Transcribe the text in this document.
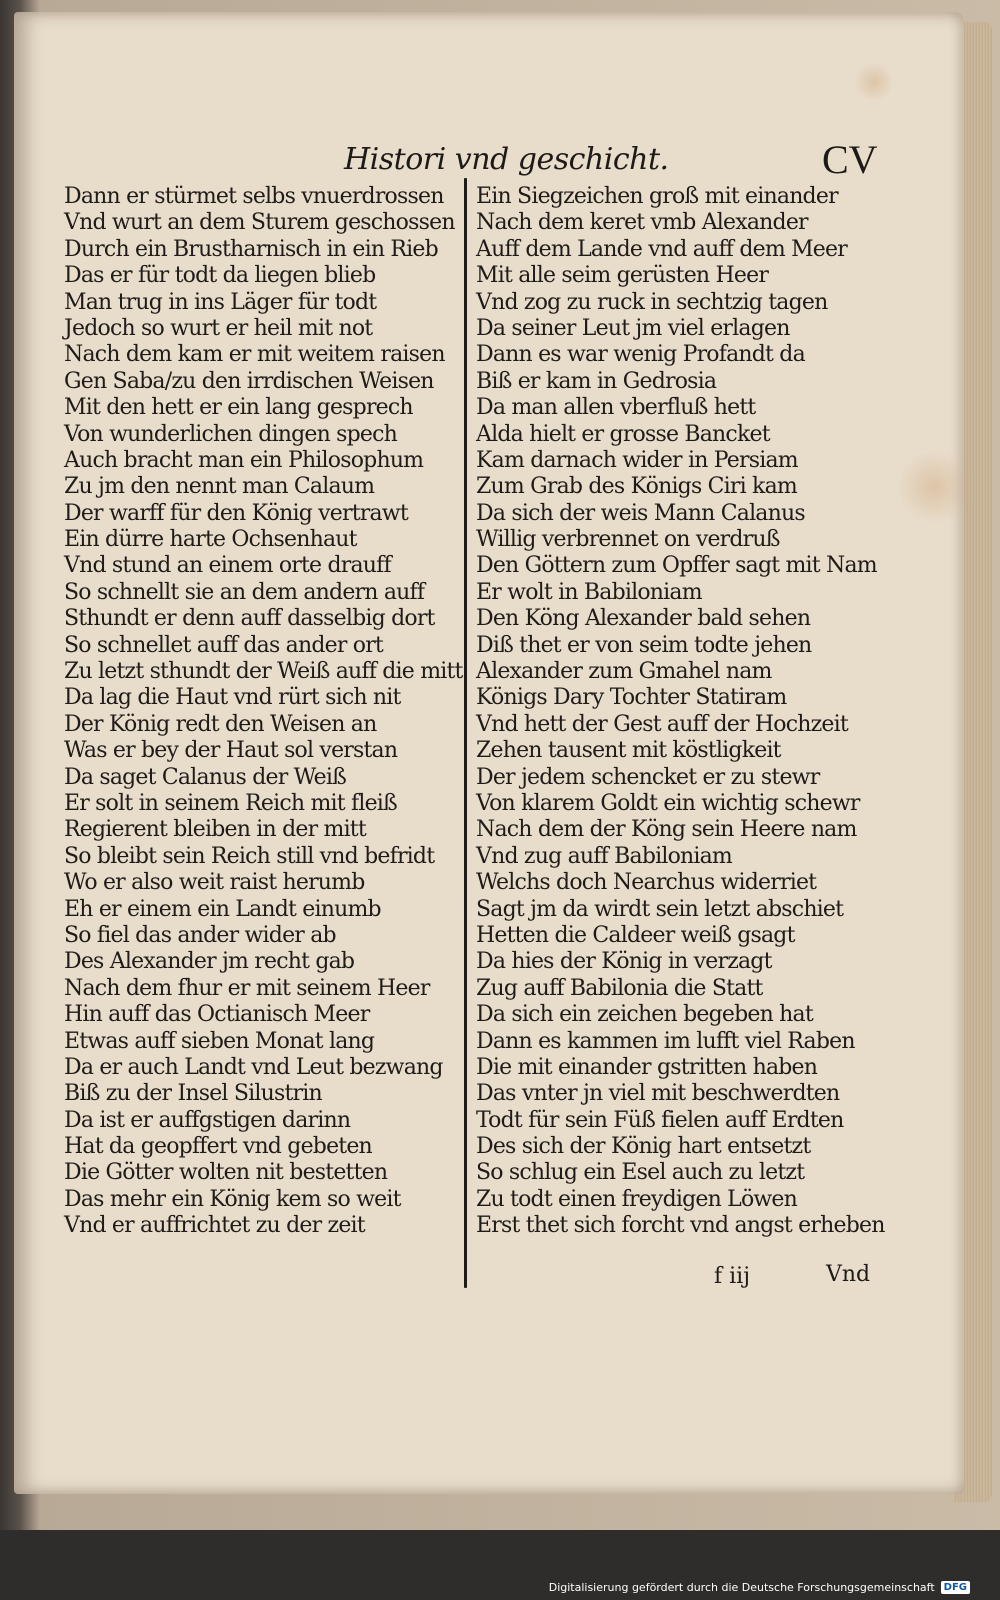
Histori vnd geschicht.	CV
Dann er stürmet selbs vnuerdrossen
Vnd wurt an dem Sturem geschossen
Durch ein Brustharnisch in ein Rieb
Das er für todt da liegen blieb
Man trug in ins Läger für todt
Jedoch so wurt er heil mit not
Nach dem kam er mit weitem raisen
Gen Saba/zu den irrdischen Weisen
Mit den hett er ein lang gesprech
Von wunderlichen dingen spech
Auch bracht man ein Philosophum
Zu jm den nennt man Calaum
Der warff für den König vertrawt
Ein dürre harte Ochsenhaut
Vnd stund an einem orte drauff
So schnellt sie an dem andern auff
Sthundt er denn auff dasselbig dort
So schnellet auff das ander ort
Zu letzt sthundt der Weiß auff die mitt
Da lag die Haut vnd rürt sich nit
Der König redt den Weisen an
Was er bey der Haut sol verstan
Da saget Calanus der Weiß
Er solt in seinem Reich mit fleiß
Regierent bleiben in der mitt
So bleibt sein Reich still vnd befridt
Wo er also weit raist herumb
Eh er einem ein Landt einumb
So fiel das ander wider ab
Des Alexander jm recht gab
Nach dem fhur er mit seinem Heer
Hin auff das Octianisch Meer
Etwas auff sieben Monat lang
Da er auch Landt vnd Leut bezwang
Biß zu der Insel Silustrin
Da ist er auffgstigen darinn
Hat da geopffert vnd gebeten
Die Götter wolten nit bestetten
Das mehr ein König kem so weit
Vnd er auffrichtet zu der zeit
Ein Siegzeichen groß mit einander
Nach dem keret vmb Alexander
Auff dem Lande vnd auff dem Meer
Mit alle seim gerüsten Heer
Vnd zog zu ruck in sechtzig tagen
Da seiner Leut jm viel erlagen
Dann es war wenig Profandt da
Biß er kam in Gedrosia
Da man allen vberfluß hett
Alda hielt er grosse Bancket
Kam darnach wider in Persiam
Zum Grab des Königs Ciri kam
Da sich der weis Mann Calanus
Willig verbrennet on verdruß
Den Göttern zum Opffer sagt mit Nam
Er wolt in Babiloniam
Den Köng Alexander bald sehen
Diß thet er von seim todte jehen
Alexander zum Gmahel nam
Königs Dary Tochter Statiram
Vnd hett der Gest auff der Hochzeit
Zehen tausent mit köstligkeit
Der jedem schencket er zu stewr
Von klarem Goldt ein wichtig schewr
Nach dem der Köng sein Heere nam
Vnd zug auff Babiloniam
Welchs doch Nearchus widerriet
Sagt jm da wirdt sein letzt abschiet
Hetten die Caldeer weiß gsagt
Da hies der König in verzagt
Zug auff Babilonia die Statt
Da sich ein zeichen begeben hat
Dann es kammen im lufft viel Raben
Die mit einander gstritten haben
Das vnter jn viel mit beschwerdten
Todt für sein Füß fielen auff Erdten
Des sich der König hart entsetzt
So schlug ein Esel auch zu letzt
Zu todt einen freydigen Löwen
Erst thet sich forcht vnd angst erheben
f iij	Vnd
Digitalisierung gefördert durch die Deutsche Forschungsgemeinschaft DFG
